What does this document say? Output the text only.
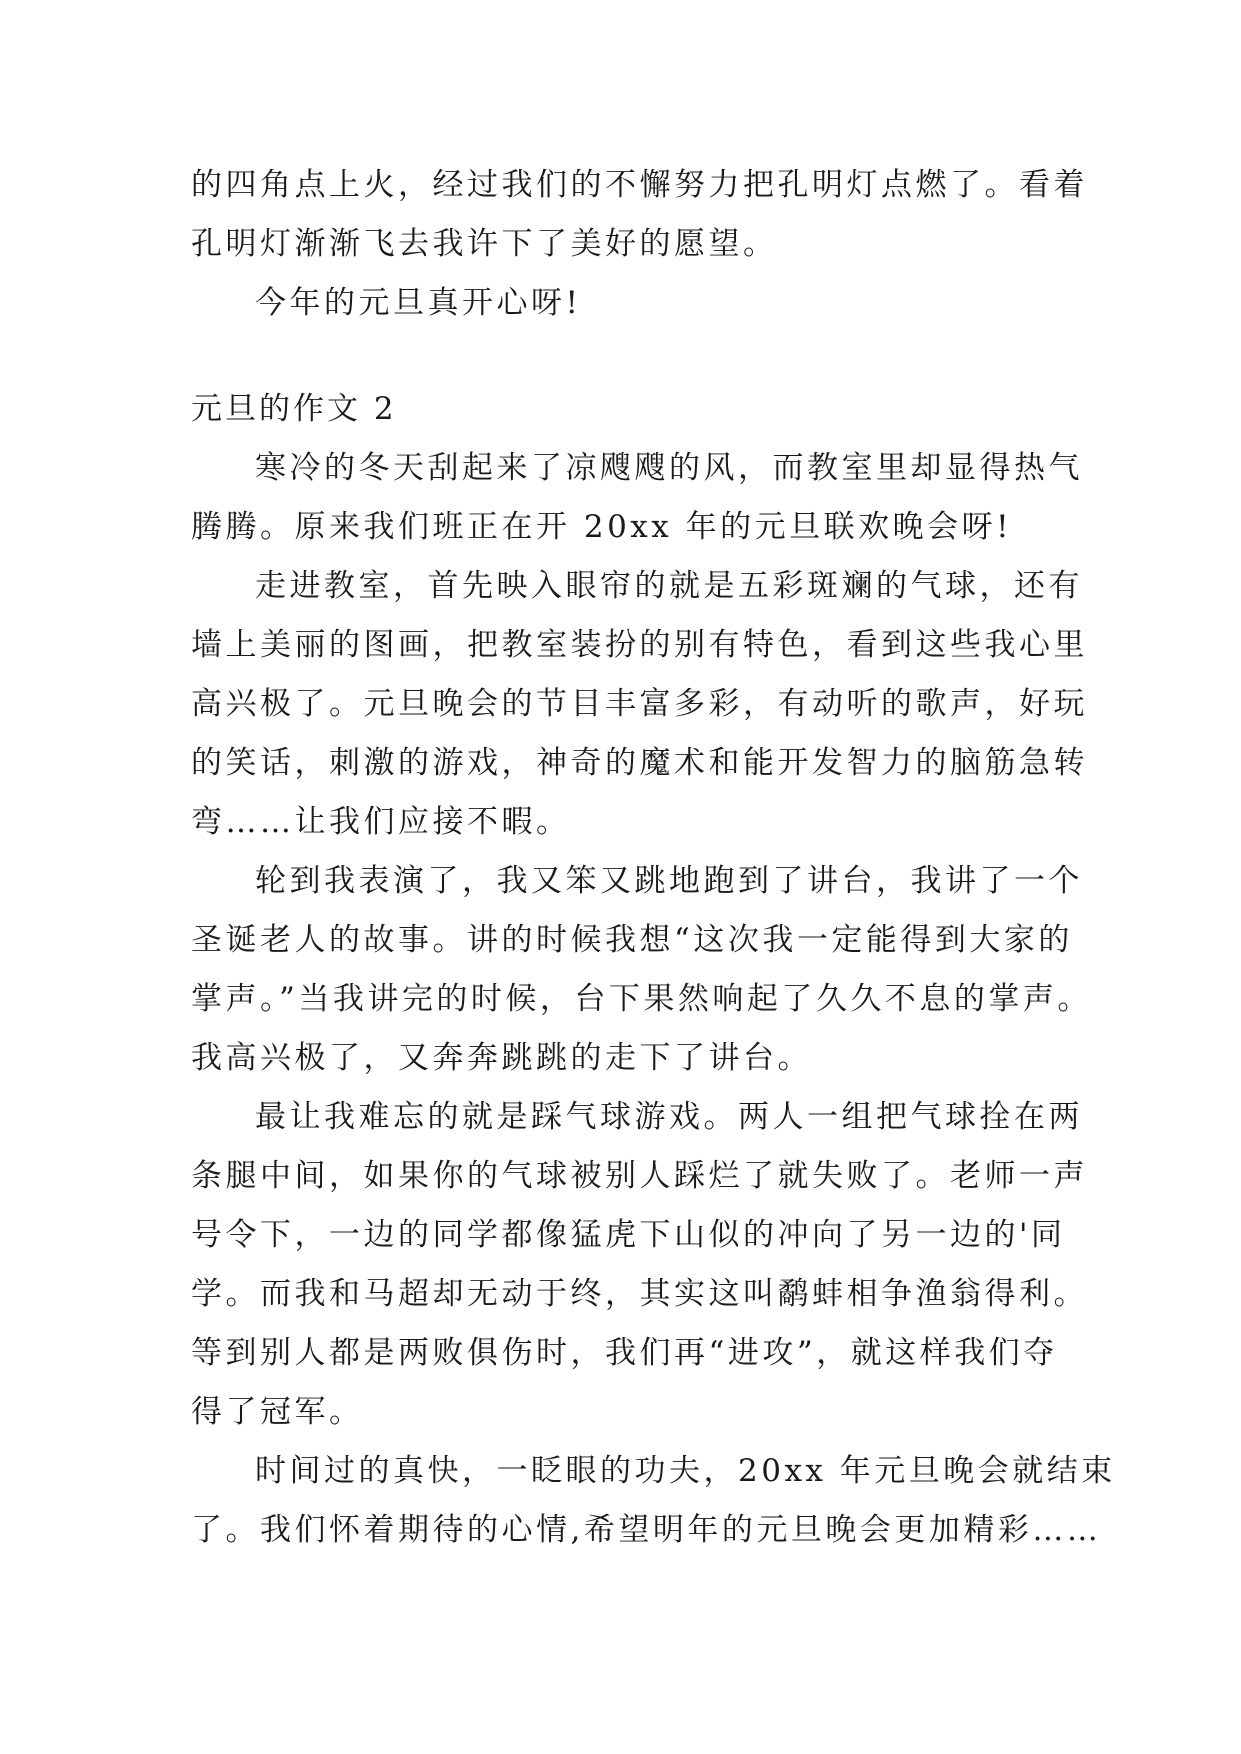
的四角点上火，经过我们的不懈努力把孔明灯点燃了。看着
孔明灯渐渐飞去我许下了美好的愿望。
今年的元旦真开心呀!
元旦的作文 2
寒冷的冬天刮起来了凉飕飕的风，而教室里却显得热气
腾腾。原来我们班正在开 20xx 年的元旦联欢晚会呀!
走进教室，首先映入眼帘的就是五彩斑斓的气球，还有
墙上美丽的图画，把教室装扮的别有特色，看到这些我心里
高兴极了。元旦晚会的节目丰富多彩，有动听的歌声，好玩
的笑话，刺激的游戏，神奇的魔术和能开发智力的脑筋急转
弯……让我们应接不暇。
轮到我表演了，我又笨又跳地跑到了讲台，我讲了一个
圣诞老人的故事。讲的时候我想“这次我一定能得到大家的
掌声。”当我讲完的时候，台下果然响起了久久不息的掌声。
我高兴极了，又奔奔跳跳的走下了讲台。
最让我难忘的就是踩气球游戏。两人一组把气球拴在两
条腿中间，如果你的气球被别人踩烂了就失败了。老师一声
号令下，一边的同学都像猛虎下山似的冲向了另一边的'同
学。而我和马超却无动于终，其实这叫鹬蚌相争渔翁得利。
等到别人都是两败俱伤时，我们再“进攻”，就这样我们夺
得了冠军。
时间过的真快，一眨眼的功夫，20xx 年元旦晚会就结束
了。我们怀着期待的心情,希望明年的元旦晚会更加精彩……
